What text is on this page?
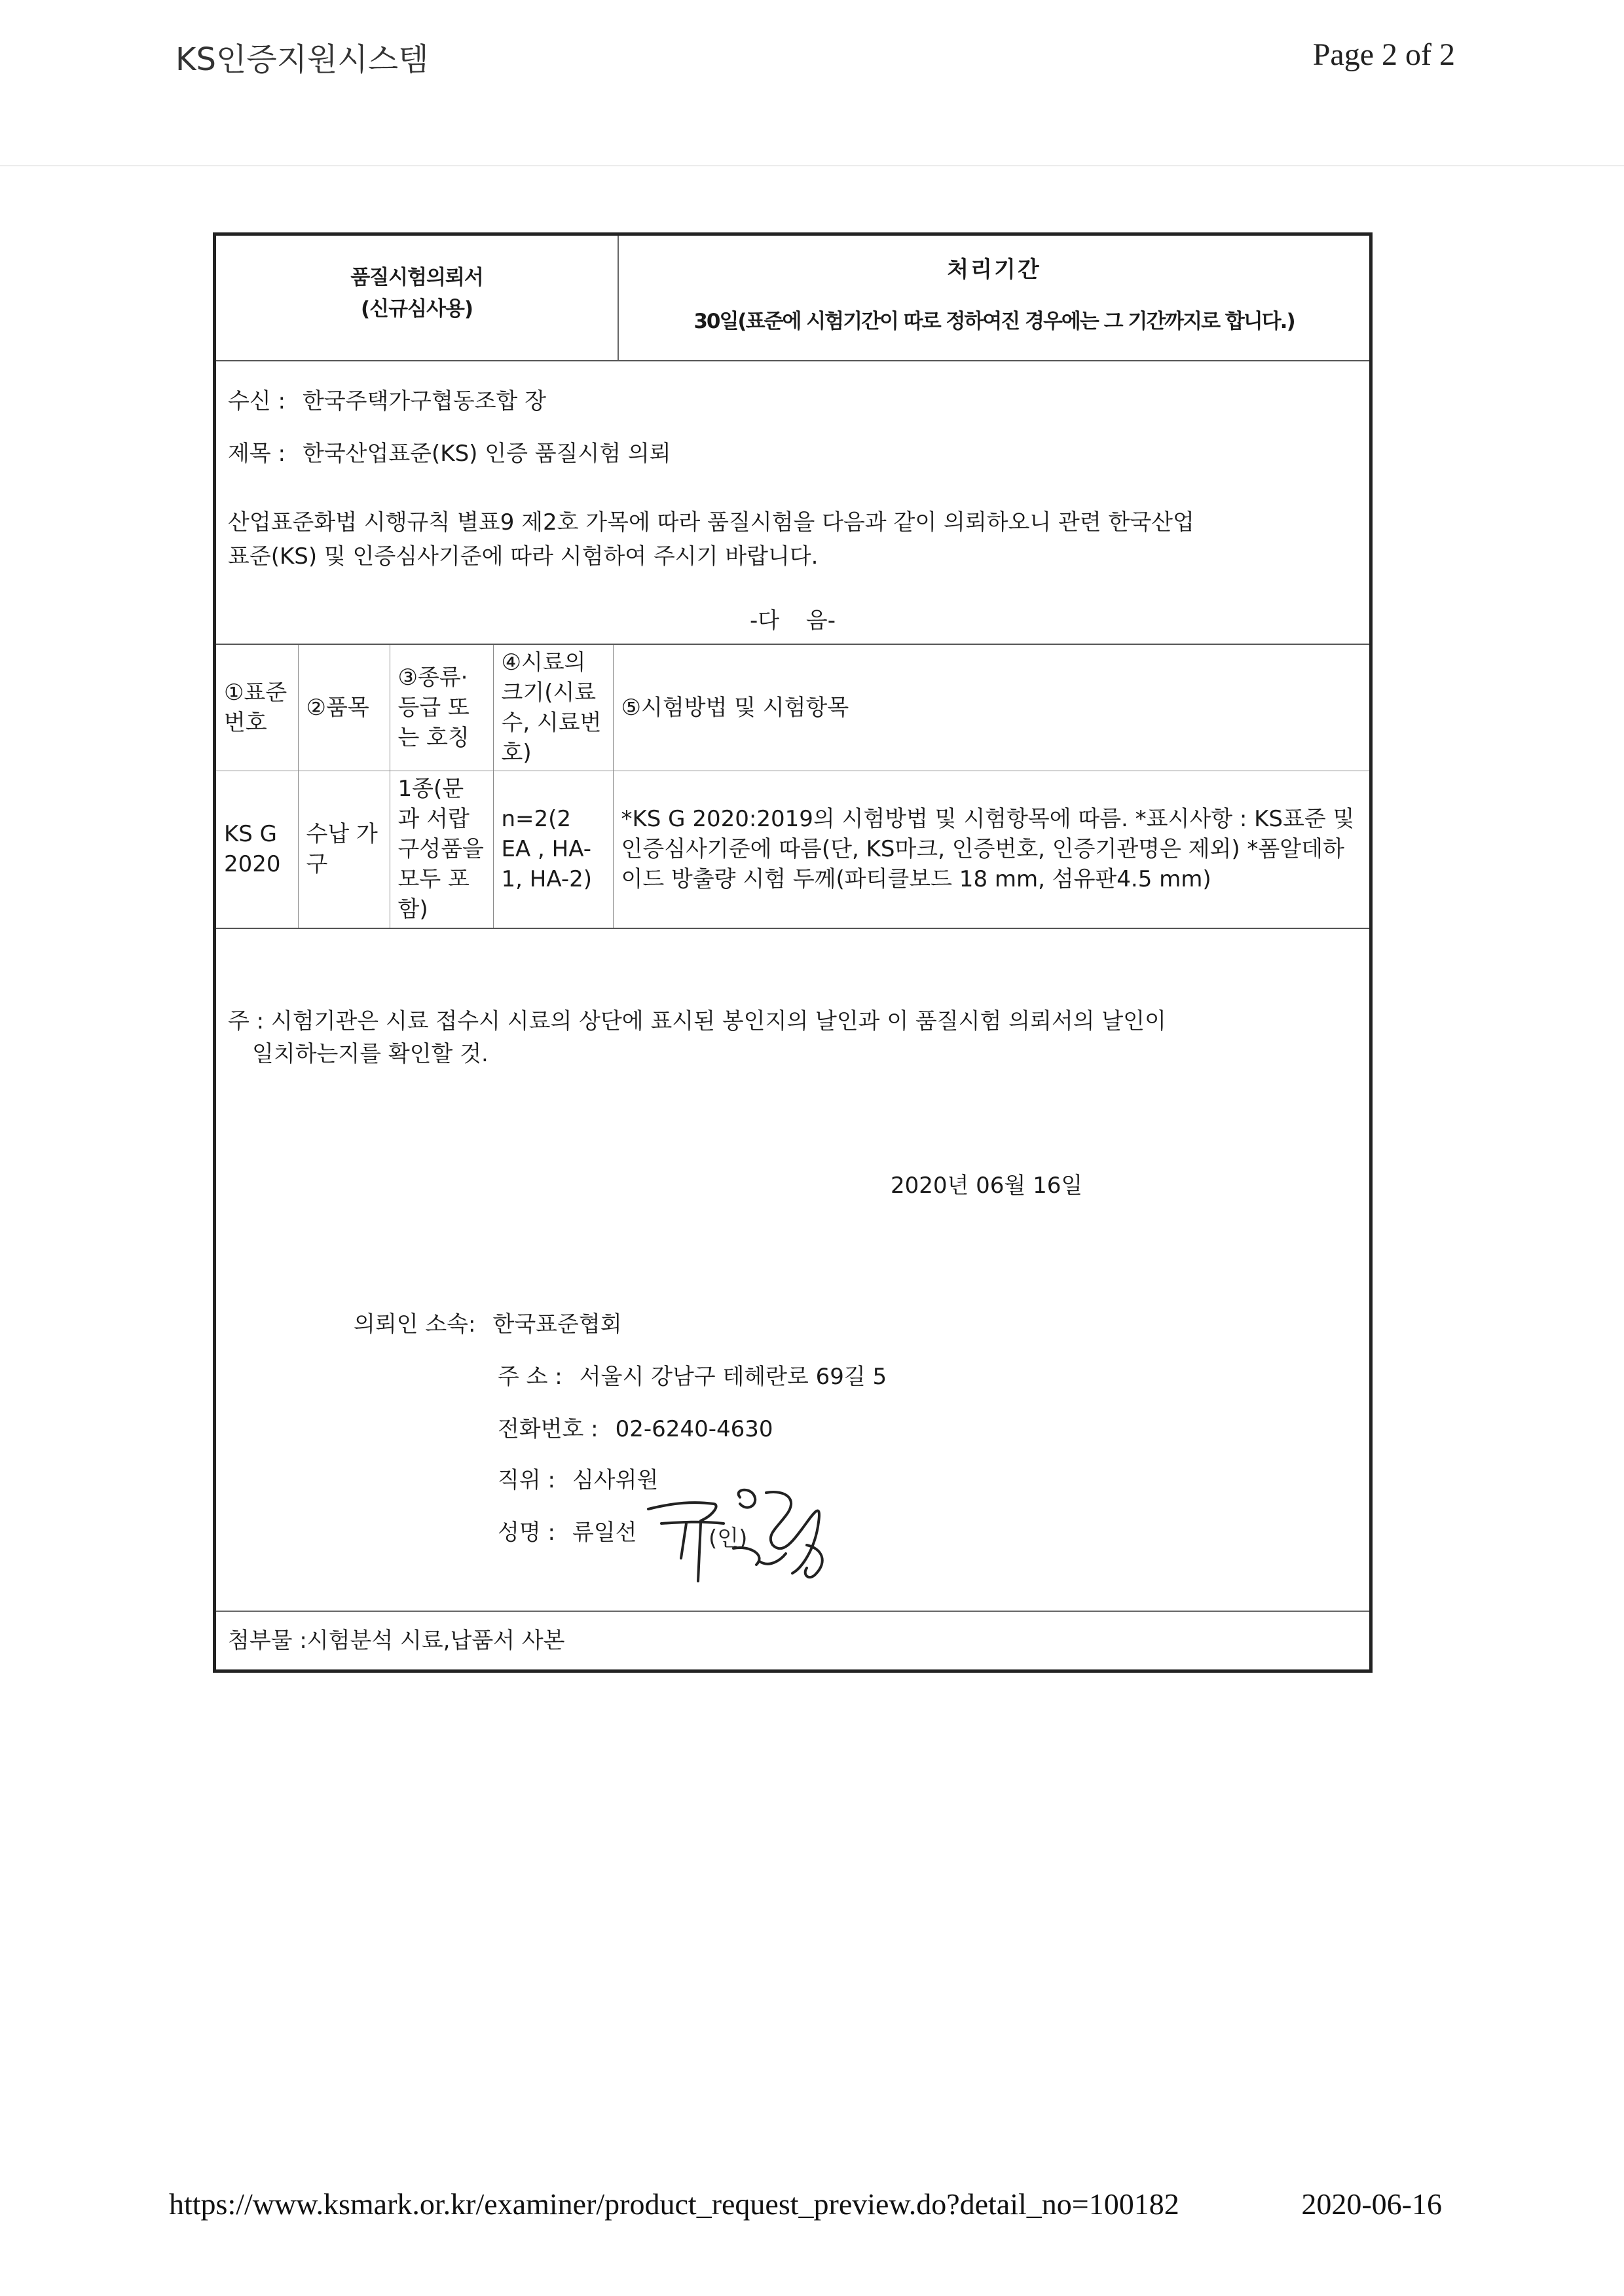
KS인증지원시스템	Page 2 of 2
품질시험의뢰서
(신규심사용)
처리기간
30일(표준에 시험기간이 따로 정하여진 경우에는 그 기간까지로 합니다.)
수신 : 한국주택가구협동조합 장
제목 : 한국산업표준(KS) 인증 품질시험 의뢰
산업표준화법 시행규칙 별표9 제2호 가목에 따라 품질시험을 다음과 같이 의뢰하오니 관련 한국산업
표준(KS) 및 인증심사기준에 따라 시험하여 주시기 바랍니다.
-다 음-
①표준번호	②품목	③종류·등급 또는 호칭	④시료의 크기(시료수, 시료번호)	⑤시험방법 및 시험항목
KS G 2020	수납 가구	1종(문과 서랍 구성품을 모두 포함)	n=2(2 EA , HA-1, HA-2)	*KS G 2020:2019의 시험방법 및 시험항목에 따름. *표시사항 : KS표준 및 인증심사기준에 따름(단, KS마크, 인증번호, 인증기관명은 제외) *폼알데하이드 방출량 시험 두께(파티클보드 18 mm, 섬유판4.5 mm)
주 : 시험기관은 시료 접수시 시료의 상단에 표시된 봉인지의 날인과 이 품질시험 의뢰서의 날인이
일치하는지를 확인할 것.
2020년 06월 16일
의뢰인 소속: 한국표준협회
주 소 : 서울시 강남구 테헤란로 69길 5
전화번호 : 02-6240-4630
직위 : 심사위원
성명 : 류일선	(인)
첨부물 :시험분석 시료,납품서 사본
https://www.ksmark.or.kr/examiner/product_request_preview.do?detail_no=100182	2020-06-16
